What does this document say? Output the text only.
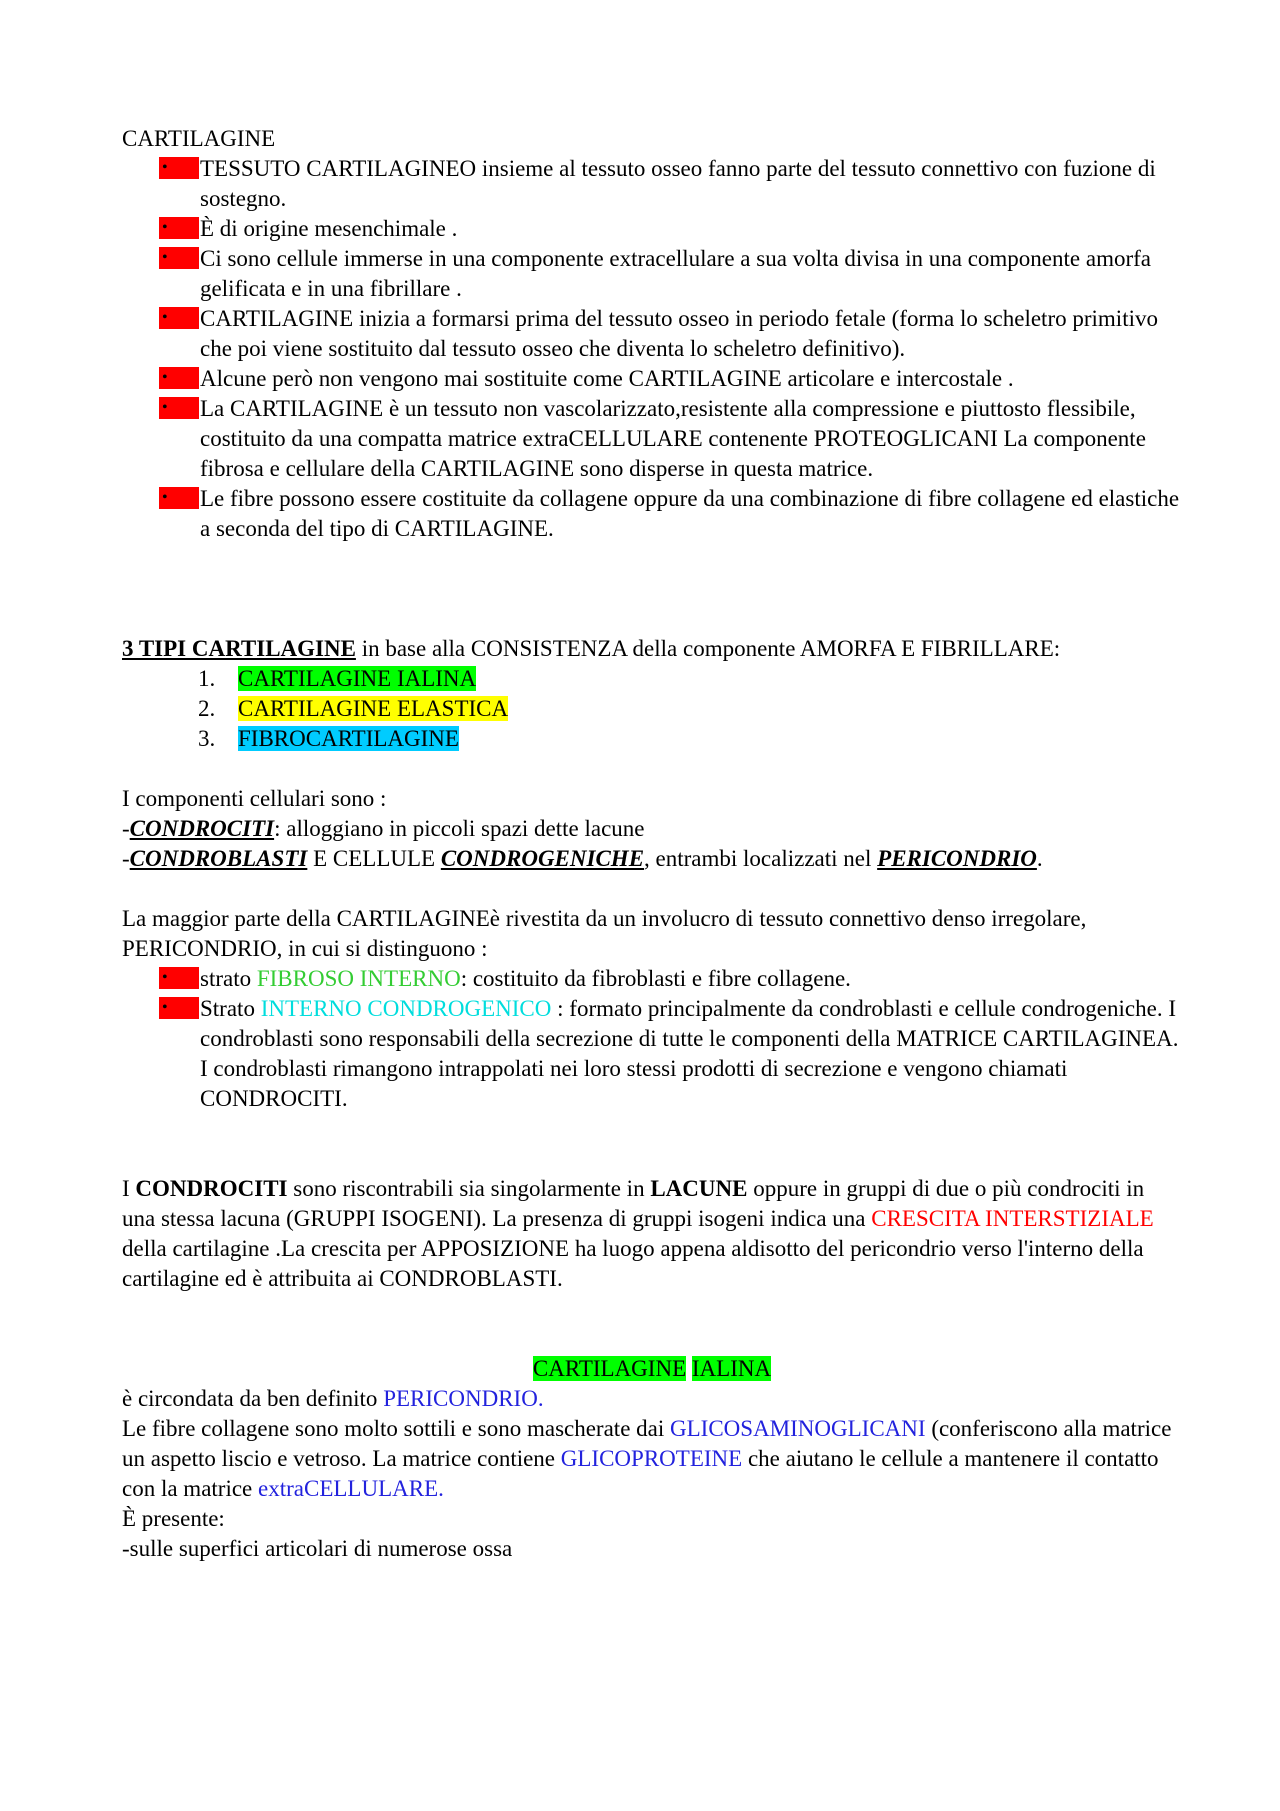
CARTILAGINE

•	TESSUTO CARTILAGINEO insieme al tessuto osseo fanno parte del tessuto connettivo con fuzione di sostegno.
•	È di origine mesenchimale .
•	Ci sono cellule immerse in una componente extracellulare a sua volta divisa in una componente amorfa gelificata e in una fibrillare .
•	CARTILAGINE inizia a formarsi prima del tessuto osseo in periodo fetale (forma lo scheletro primitivo che poi viene sostituito dal tessuto osseo che diventa lo scheletro definitivo).
•	Alcune però non vengono mai sostituite come CARTILAGINE articolare e intercostale .
•	La CARTILAGINE è un tessuto non vascolarizzato,resistente alla compressione e piuttosto flessibile, costituito da una compatta matrice extraCELLULARE contenente PROTEOGLICANI La componente fibrosa e cellulare della CARTILAGINE sono disperse in questa matrice.
•	Le fibre possono essere costituite da collagene oppure da una combinazione di fibre collagene ed elastiche a seconda del tipo di CARTILAGINE.

3 TIPI CARTILAGINE in base alla CONSISTENZA della componente AMORFA E FIBRILLARE:

1. CARTILAGINE IALINA
2. CARTILAGINE ELASTICA
3. FIBROCARTILAGINE

I componenti cellulari sono :

-CONDROCITI: alloggiano in piccoli spazi dette lacune

-CONDROBLASTI E CELLULE CONDROGENICHE, entrambi localizzati nel PERICONDRIO.

La maggior parte della CARTILAGINEè rivestita da un involucro di tessuto connettivo denso irregolare, PERICONDRIO, in cui si distinguono :

•	strato FIBROSO INTERNO: costituito da fibroblasti e fibre collagene.
•	Strato INTERNO CONDROGENICO : formato principalmente da condroblasti e cellule condrogeniche. I condroblasti sono responsabili della secrezione di tutte le componenti della MATRICE CARTILAGINEA.
I condroblasti rimangono intrappolati nei loro stessi prodotti di secrezione e vengono chiamati CONDROCITI.

I CONDROCITI sono riscontrabili sia singolarmente in LACUNE oppure in gruppi di due o più condrociti in una stessa lacuna (GRUPPI ISOGENI). La presenza di gruppi isogeni indica una CRESCITA INTERSTIZIALE della cartilagine .La crescita per APPOSIZIONE ha luogo appena aldisotto del pericondrio verso l'interno della cartilagine ed è attribuita ai CONDROBLASTI.

CARTILAGINE IALINA

è circondata da ben definito PERICONDRIO.

Le fibre collagene sono molto sottili e sono mascherate dai GLICOSAMINOGLICANI (conferiscono alla matrice un aspetto liscio e vetroso. La matrice contiene GLICOPROTEINE che aiutano le cellule a mantenere il contatto con la matrice extraCELLULARE.

È presente:

-sulle superfici articolari di numerose ossa
